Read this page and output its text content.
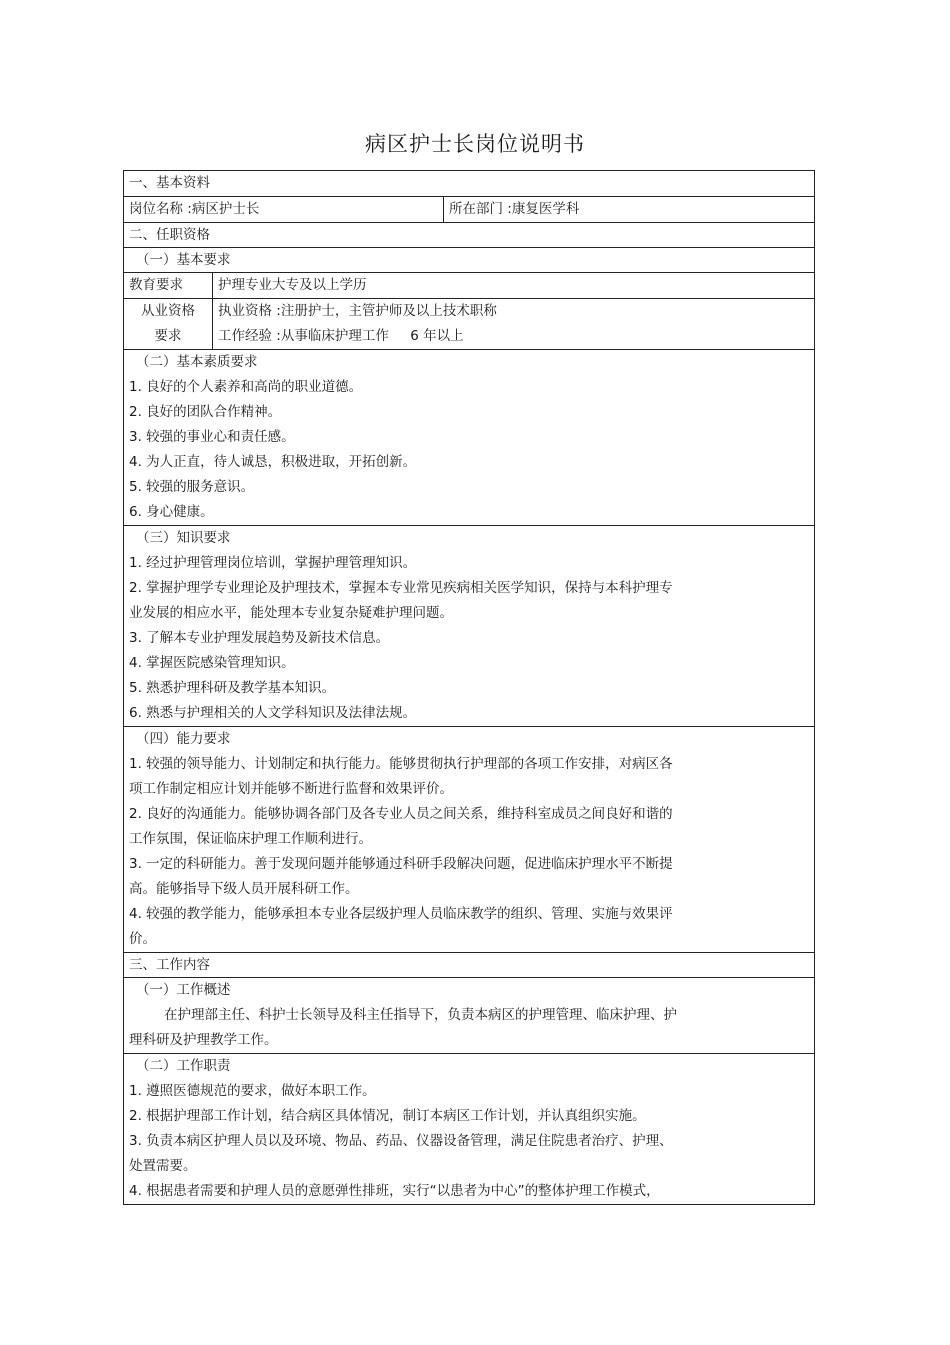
病区护士长岗位说明书
一、基本资料
岗位名称 :病区护士长	所在部门 :康复医学科
二、任职资格
（一）基本要求
教育要求	护理专业大专及以上学历
从业资格
要求
执业资格 :注册护士，主管护师及以上技术职称
工作经验 :从事临床护理工作     6 年以上
（二）基本素质要求
1. 良好的个人素养和高尚的职业道德。
2. 良好的团队合作精神。
3. 较强的事业心和责任感。
4. 为人正直，待人诚恳，积极进取，开拓创新。
5. 较强的服务意识。
6. 身心健康。
（三）知识要求
1. 经过护理管理岗位培训，掌握护理管理知识。
2. 掌握护理学专业理论及护理技术，掌握本专业常见疾病相关医学知识，保持与本科护理专
业发展的相应水平，能处理本专业复杂疑难护理问题。
3. 了解本专业护理发展趋势及新技术信息。
4. 掌握医院感染管理知识。
5. 熟悉护理科研及教学基本知识。
6. 熟悉与护理相关的人文学科知识及法律法规。
（四）能力要求
1. 较强的领导能力、计划制定和执行能力。能够贯彻执行护理部的各项工作安排，对病区各
项工作制定相应计划并能够不断进行监督和效果评价。
2. 良好的沟通能力。能够协调各部门及各专业人员之间关系，维持科室成员之间良好和谐的
工作氛围，保证临床护理工作顺利进行。
3. 一定的科研能力。善于发现问题并能够通过科研手段解决问题，促进临床护理水平不断提
高。能够指导下级人员开展科研工作。
4. 较强的教学能力，能够承担本专业各层级护理人员临床教学的组织、管理、实施与效果评
价。
三、工作内容
（一）工作概述
在护理部主任、科护士长领导及科主任指导下，负责本病区的护理管理、临床护理、护
理科研及护理教学工作。
（二）工作职责
1. 遵照医德规范的要求，做好本职工作。
2. 根据护理部工作计划，结合病区具体情况，制订本病区工作计划，并认真组织实施。
3. 负责本病区护理人员以及环境、物品、药品、仪器设备管理，满足住院患者治疗、护理、
处置需要。
4. 根据患者需要和护理人员的意愿弹性排班，实行“以患者为中心”的整体护理工作模式，
